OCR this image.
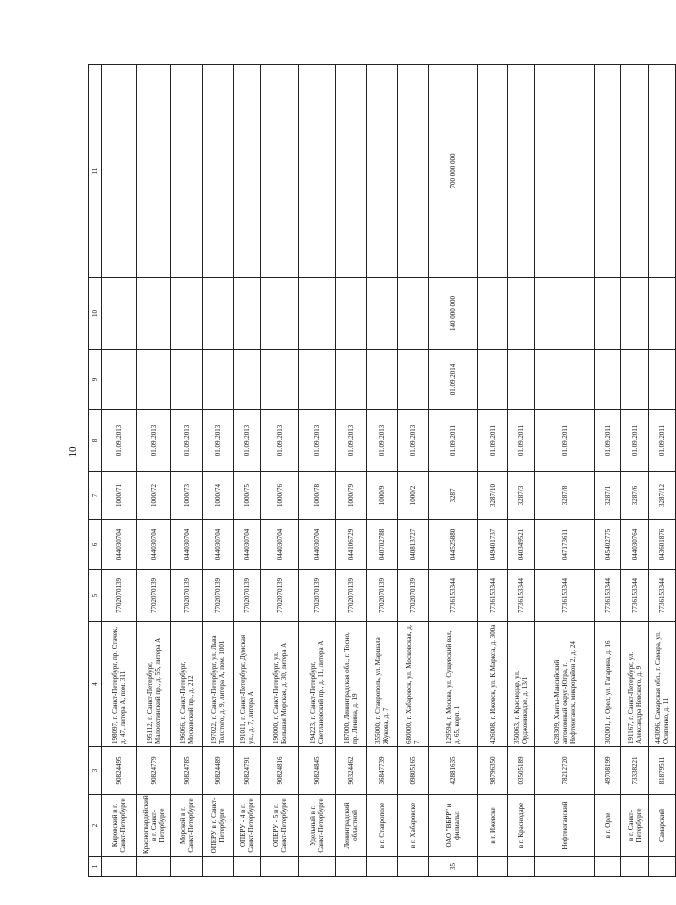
10
1	2	3	4	5	6	7	8	9	10	11
	Кировский в г. Санкт-Петербурге	90824495	198097, г. Санкт-Петербург, пр. Стачек, д. 47, литера А, пом. 311	7702070139	044030704	1000/71	01.09.2013			
	Красногвардейский в г. Санкт-Петербурге	90824779	195112, г. Санкт-Петербург, Малоохтинский пр., д. 55, литера А	7702070139	044030704	1000/72	01.09.2013			
	Морской в г. Санкт-Петербурге	90824785	196066, г. Санкт-Петербург, Московский пр., д. 212	7702070139	044030704	1000/73	01.09.2013			
	ОПЕРУ в г. Санкт-Петербурге	90824489	197022, г. Санкт-Петербург, ул. Льва Толстого, д. 9, литера А, пом. 1001	7702070139	044030704	1000/74	01.09.2013			
	ОПЕРУ - 4 в г. Санкт-Петербурге	90824791	191011, г. Санкт-Петербург, Думская ул., д. 7, литера А	7702070139	044030704	1000/75	01.09.2013			
	ОПЕРУ - 5 в г. Санкт-Петербурге	90824816	190000, г. Санкт-Петербург, ул. Большая Морская, д. 30, литера А	7702070139	044030704	1000/76	01.09.2013			
	Удельный в г. Санкт-Петербурге	90824845	194223, г. Санкт-Петербург, Светлановский пр., д. 11, литера А	7702070139	044030704	1000/78	01.09.2013			
	Ленинградский областной	90324462	187000, Ленинградская обл., г. Тосно, пр. Ленина, д. 19	7702070139	044106729	1000/79	01.09.2013			
	в г. Ставрополе	36847739	355000, г. Ставрополь, ул. Маршала Жукова, д. 7	7702070139	040702788	1000/9	01.09.2013			
	в г. Хабаровске	09805165	680000, г. Хабаровск, ул. Московская, д. 7	7702070139	040813727	1000/2	01.09.2013			
35	ОАО "ВБРР" и филиалы:	42881635	129594, г. Москва, ул. Сущевский вал, д. 65, корп. 1	7736153344	044525880	3287	01.09.2011	01.09.2014	140 000 000	700 000 000
	в г. Ижевске	98796350	426008, г. Ижевск, ул. К.Маркса, д. 300а	7736153344	049401737	3287/10	01.09.2011			
	в г. Краснодаре	03505189	350063, г. Краснодар, ул. Орджоникидзе, д. 13/1	7736153344	040349521	3287/3	01.09.2011			
	Нефтеюганский	78212720	628309, Ханты-Мансийский автономный округ-Югра, г. Нефтеюганск, микрорайон 2, д. 24	7736153344	047173611	3287/8	01.09.2011			
	в г. Орле	49708199	302001, г. Орел, ул. Гагарина, д. 16	7736153344	045402775	3287/1	01.09.2011			
	в г. Санкт-Петербурге	73338221	191167, г. Санкт-Петербург, ул. Александра Невского, д. 9	7736153344	044030764	3287/6	01.09.2011			
	Самарский	81879511	443096, Самарская обл., г. Самара, ул. Осипенко, д. 11	7736153344	043601876	3287/12	01.09.2011			
